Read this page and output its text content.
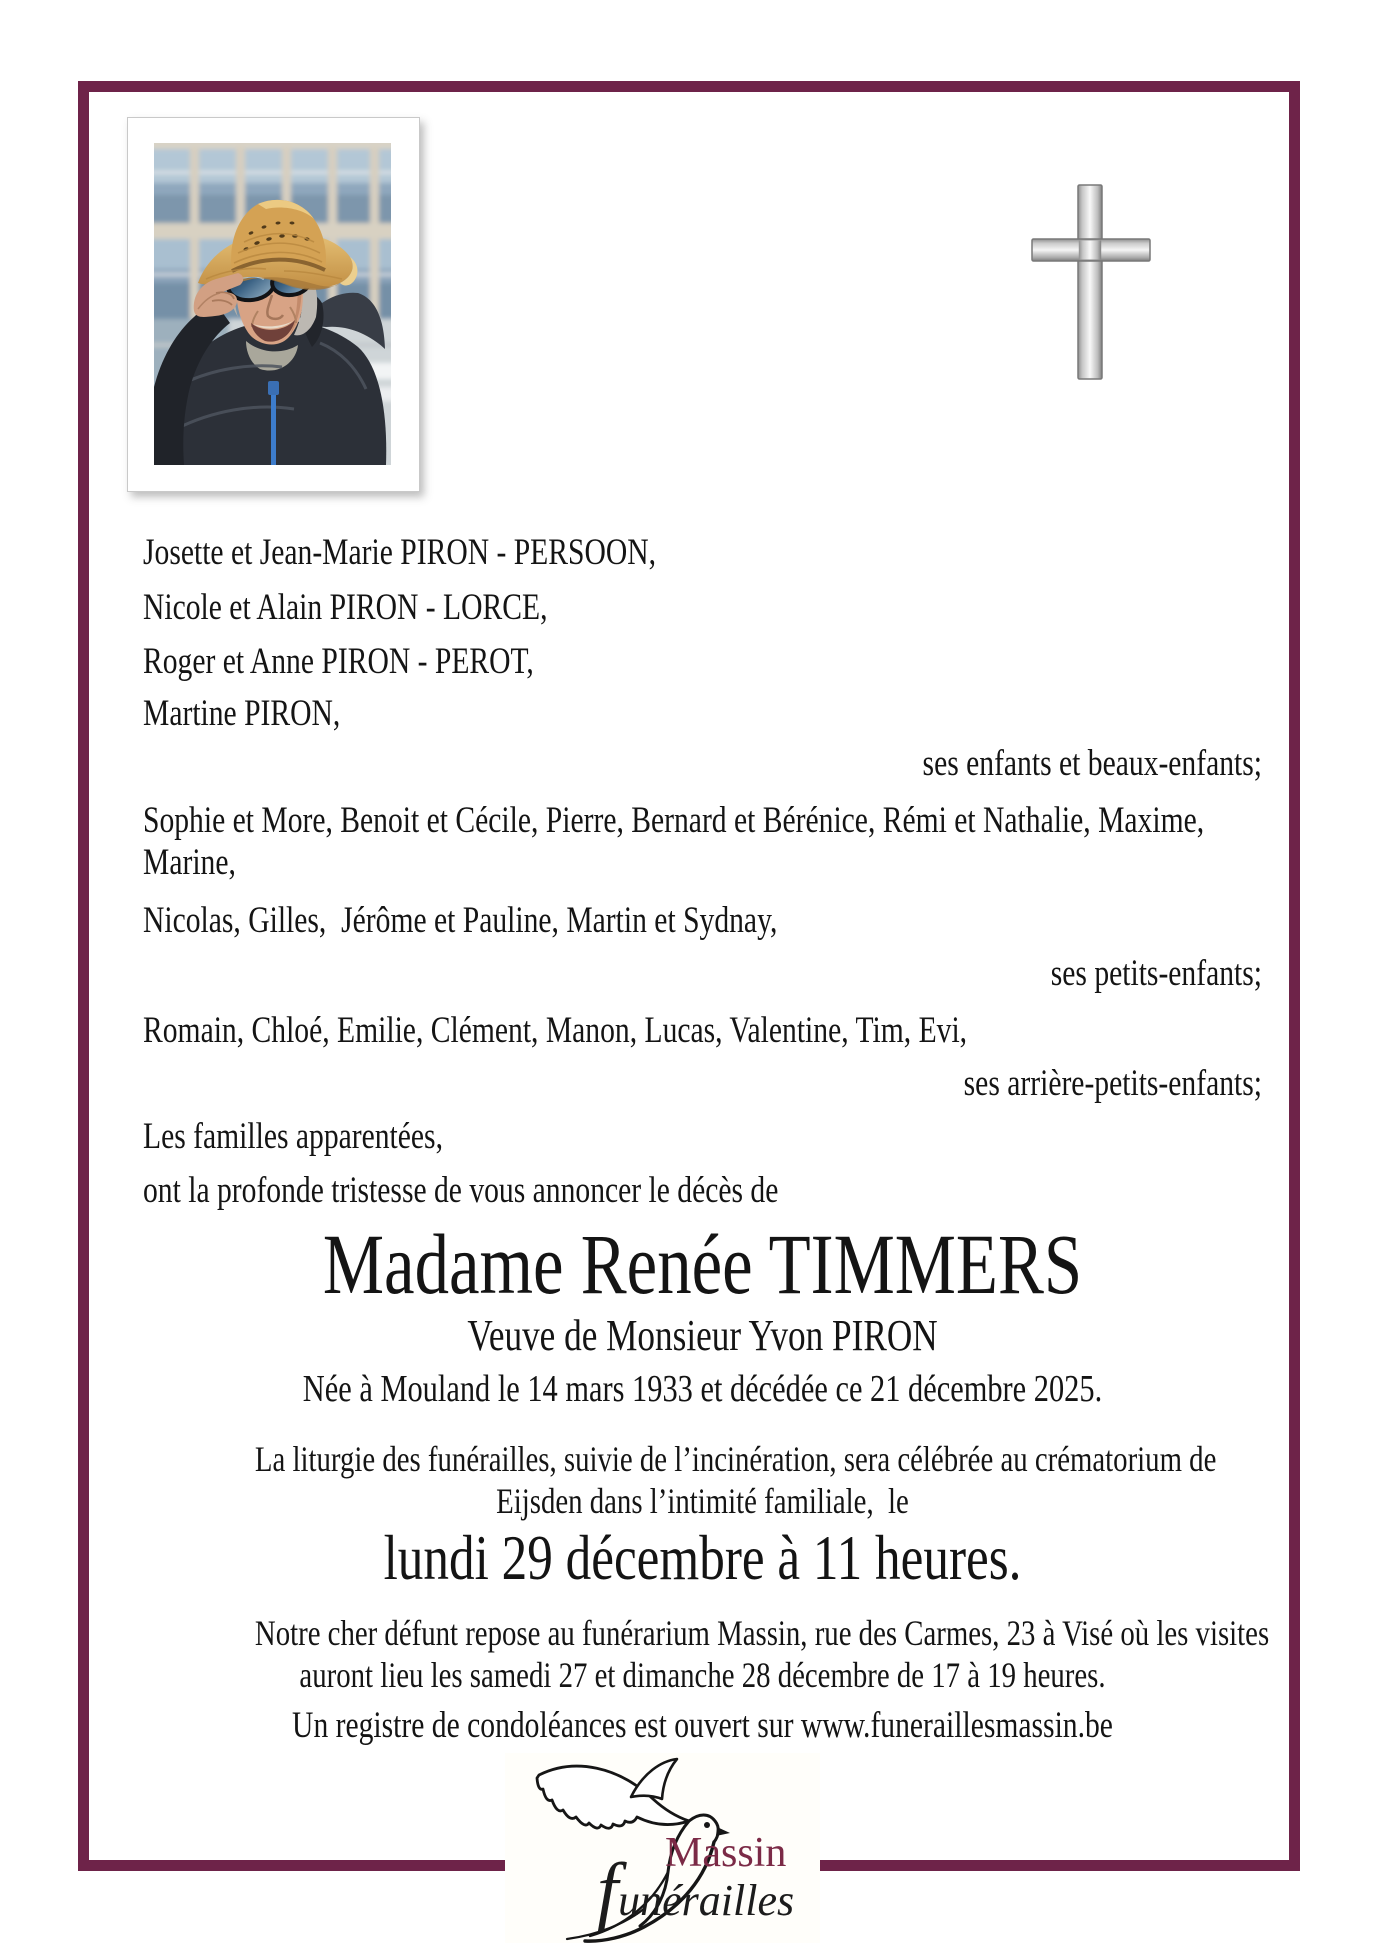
Josette et Jean-Marie PIRON - PERSOON,
Nicole et Alain PIRON - LORCE,
Roger et Anne PIRON - PEROT,
Martine PIRON,
ses enfants et beaux-enfants;
Sophie et More, Benoit et Cécile, Pierre, Bernard et Bérénice, Rémi et Nathalie, Maxime,
Marine,
Nicolas, Gilles,  Jérôme et Pauline, Martin et Sydnay,
ses petits-enfants;
Romain, Chloé, Emilie, Clément, Manon, Lucas, Valentine, Tim, Evi,
ses arrière-petits-enfants;
Les familles apparentées,
ont la profonde tristesse de vous annoncer le décès de
Madame Renée TIMMERS
Veuve de Monsieur Yvon PIRON
Née à Mouland le 14 mars 1933 et décédée ce 21 décembre 2025.
La liturgie des funérailles, suivie de l’incinération, sera célébrée au crématorium de
Eijsden dans l’intimité familiale,  le
lundi 29 décembre à 11 heures.
Notre cher défunt repose au funérarium Massin, rue des Carmes, 23 à Visé où les visites
auront lieu les samedi 27 et dimanche 28 décembre de 17 à 19 heures.
Un registre de condoléances est ouvert sur www.funeraillesmassin.be
Massin
funérailles
